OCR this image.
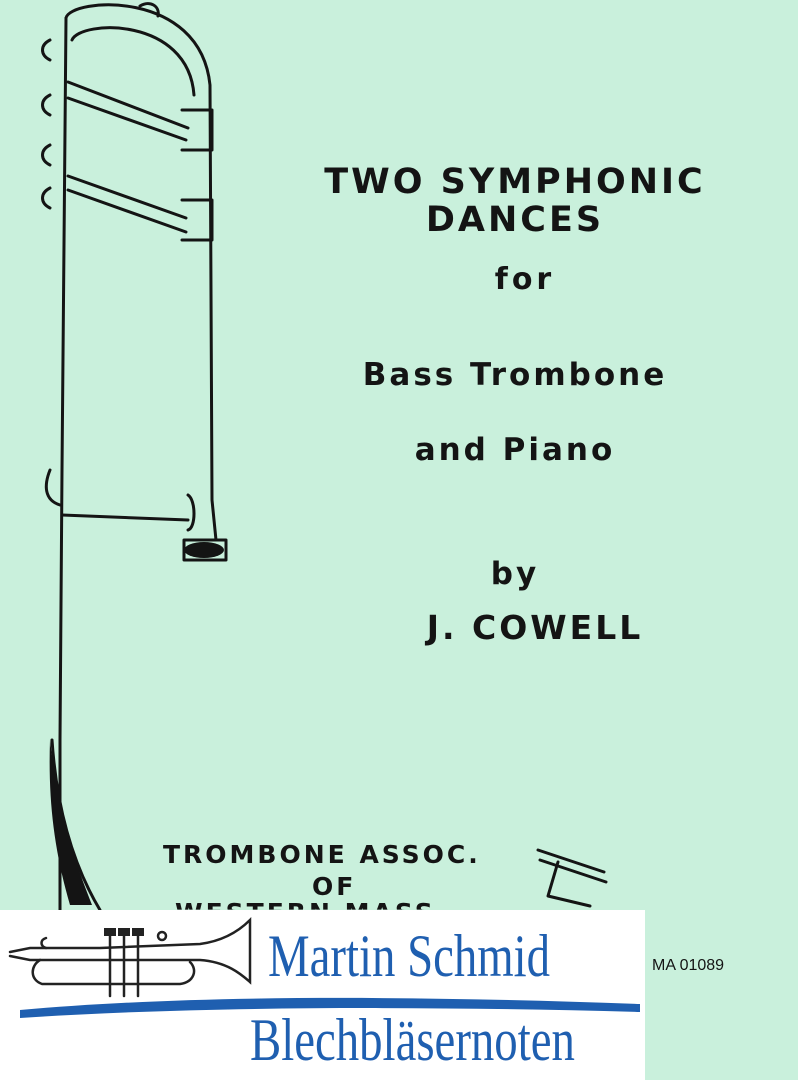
TWO SYMPHONIC
DANCES
for
Bass Trombone
and Piano
by
J. COWELL
TROMBONE ASSOC.
OF
MA 01089
Martin Schmid
Blechbläsernoten
